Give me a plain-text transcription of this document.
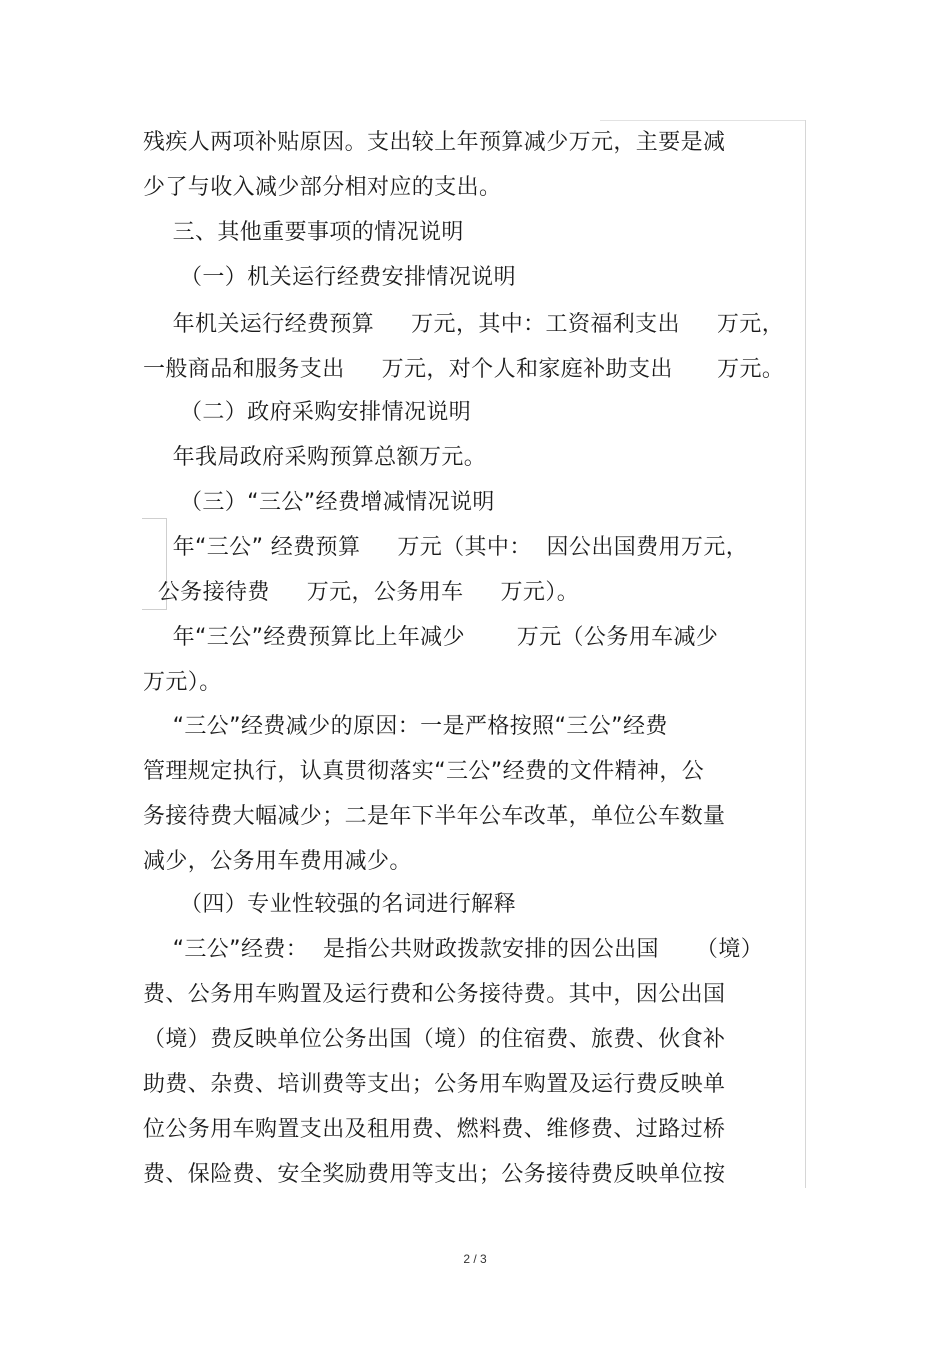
残疾人两项补贴原因。支出较上年预算减少万元，主要是减
少了与收入减少部分相对应的支出。
三、其他重要事项的情况说明
（一）机关运行经费安排情况说明
年机关运行经费预算     万元，其中：工资福利支出     万元，
一般商品和服务支出     万元，对个人和家庭补助支出      万元。
（二）政府采购安排情况说明
年我局政府采购预算总额万元。
（三）“三公”经费增减情况说明
年“三公” 经费预算     万元（其中：  因公出国费用万元，
公务接待费     万元，公务用车     万元）。
年“三公”经费预算比上年减少       万元（公务用车减少
万元）。
“三公”经费减少的原因：一是严格按照“三公”经费
管理规定执行，认真贯彻落实“三公”经费的文件精神，公
务接待费大幅减少；二是年下半年公车改革，单位公车数量
减少，公务用车费用减少。
（四）专业性较强的名词进行解释
“三公”经费：  是指公共财政拨款安排的因公出国     （境）
费、公务用车购置及运行费和公务接待费。其中，因公出国
（境）费反映单位公务出国（境）的住宿费、旅费、伙食补
助费、杂费、培训费等支出；公务用车购置及运行费反映单
位公务用车购置支出及租用费、燃料费、维修费、过路过桥
费、保险费、安全奖励费用等支出；公务接待费反映单位按
2 / 3
